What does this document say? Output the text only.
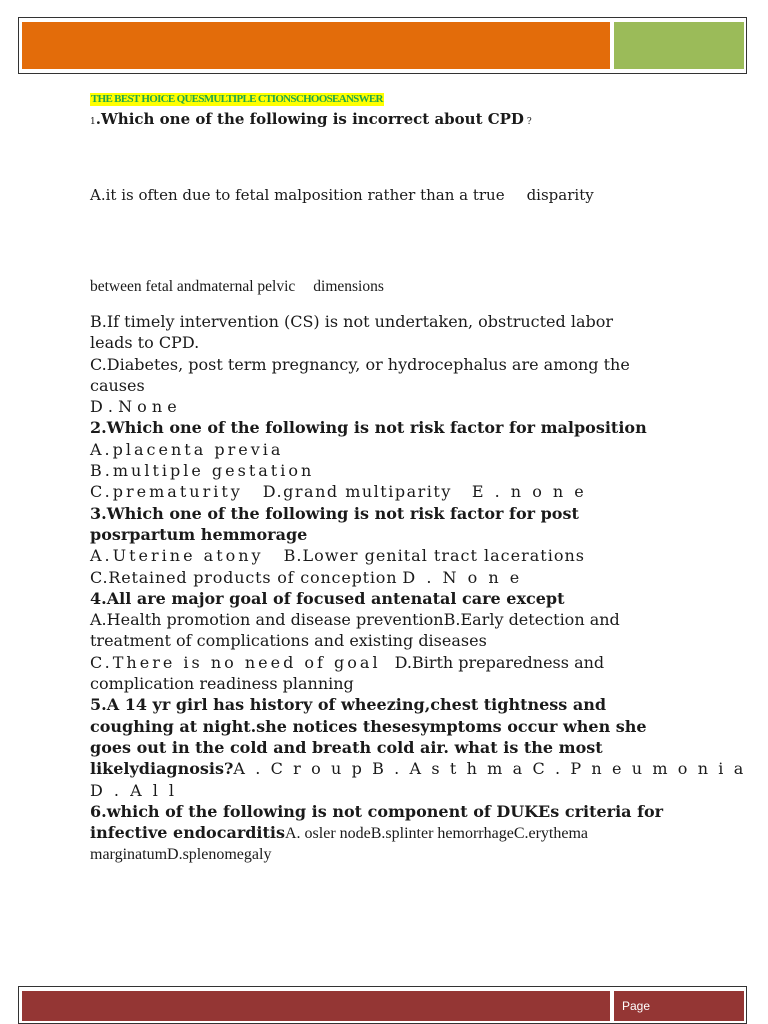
THE BEST HOICE QUESMULTIPLE CTIONSCHOOSEANSWER
1.Which one of the following is incorrect about CPD ?
A.it is often due to fetal malposition rather than a true disparity
between fetal andmaternal pelvic dimensions
B.If timely intervention (CS) is not undertaken, obstructed labor
leads to CPD.
C.Diabetes, post term pregnancy, or hydrocephalus are among the
causes
D . N o n e
2.Which one of the following is not risk factor for malposition
A.placenta previa
B.multiple gestation
C.prematurity D.grand multiparity E . n o n e
3.Which one of the following is not risk factor for post
posrpartum hemmorage
A.Uterine atony B.Lower genital tract lacerations
C.Retained products of conception D . N o n e
4.All are major goal of focused antenatal care except
A.Health promotion and disease preventionB.Early detection and
treatment of complications and existing diseases
C.There is no need of goal D.Birth preparedness and
complication readiness planning
5.A 14 yr girl has history of wheezing,chest tightness and
coughing at night.she notices thesesymptoms occur when she
goes out in the cold and breath cold air. what is the most
likelydiagnosis?A . C r o u p B . A s t h m a C . P n e u m o n i a
D . A l l
6.which of the following is not component of DUKEs criteria for
infective endocarditisA. osler nodeB.splinter hemorrhageC.erythema
marginatumD.splenomegaly
Page
